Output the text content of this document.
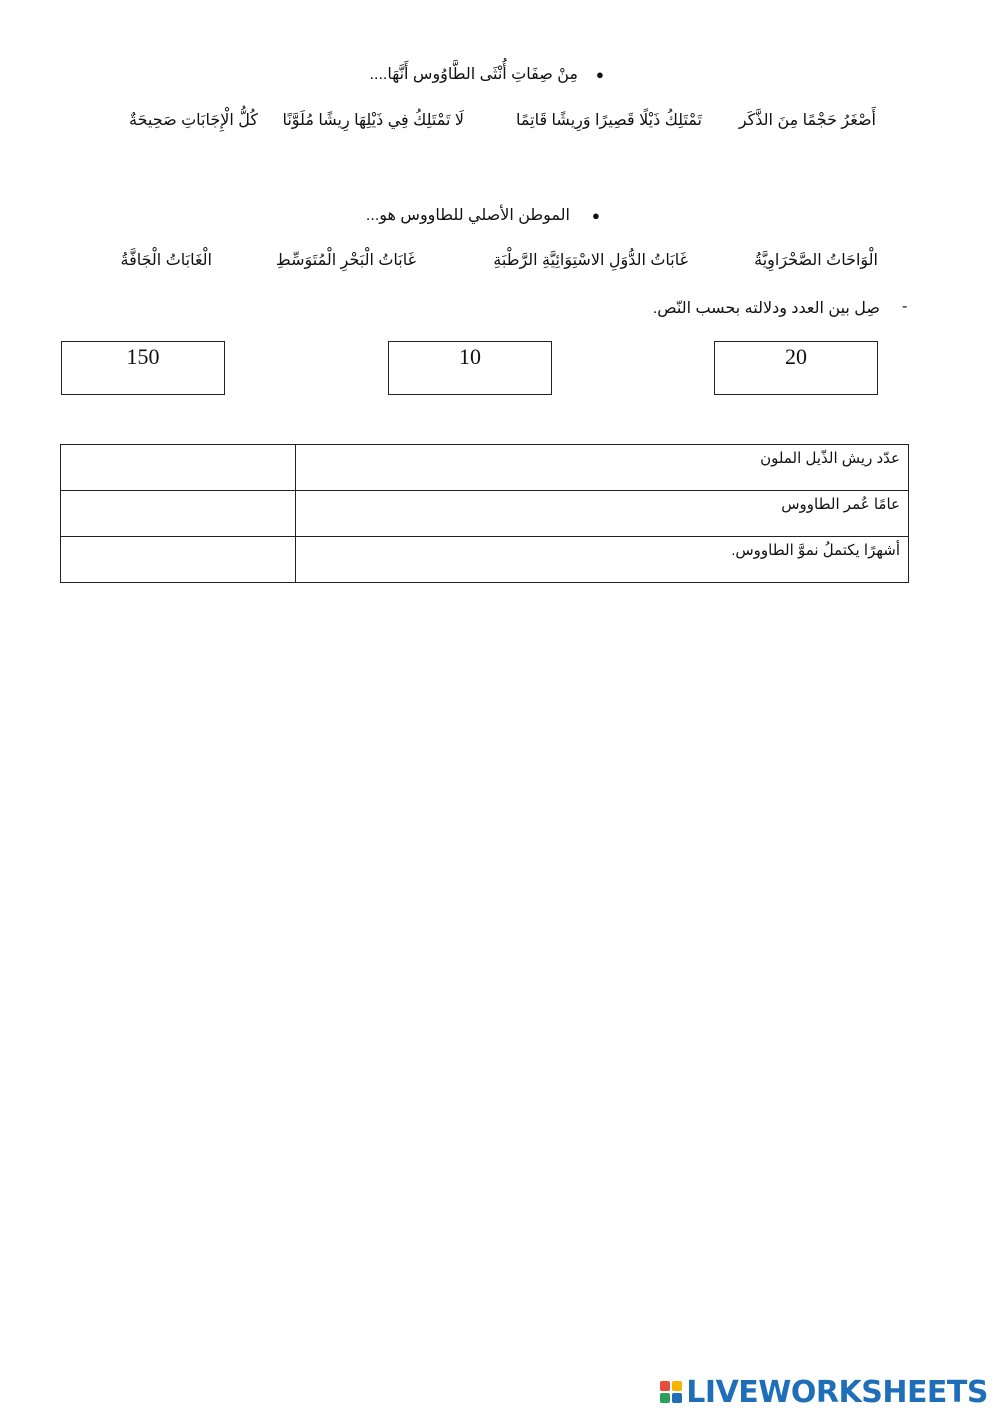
مِنْ صِفَاتِ أُنْثَى الطَّاوُوس أَنَّهَا.... ●
أَصْغَرُ حَجْمًا مِنَ الذَّكَر
تَمْتَلِكُ ذَيْلًا قَصِيرًا وَرِيشًا قَاتِمًا
لَا تَمْتَلِكُ فِي ذَيْلِهَا رِيشًا مُلَوَّنًا
كُلُّ الْإِجَابَاتِ صَحِيحَةٌ
الموطن الأصلي للطاووس هو... ●
الْوَاحَاتُ الصَّحْرَاوِيَّةُ
غَابَاتُ الدُّوَلِ الاسْتِوَائِيَّةِ الرَّطْبَةِ
غَابَاتُ الْبَحْرِ الْمُتَوَسِّطِ
الْغَابَاتُ الْجَافَّةُ
صِل بين العدد ودلالته بحسب النّص. -
20
10
150
عدّد ريش الذّيل الملون	
عامًا عُمر الطاووس	
أشهرًا يكتملُ نموَّ الطاووس.	
LIVEWORKSHEETS
